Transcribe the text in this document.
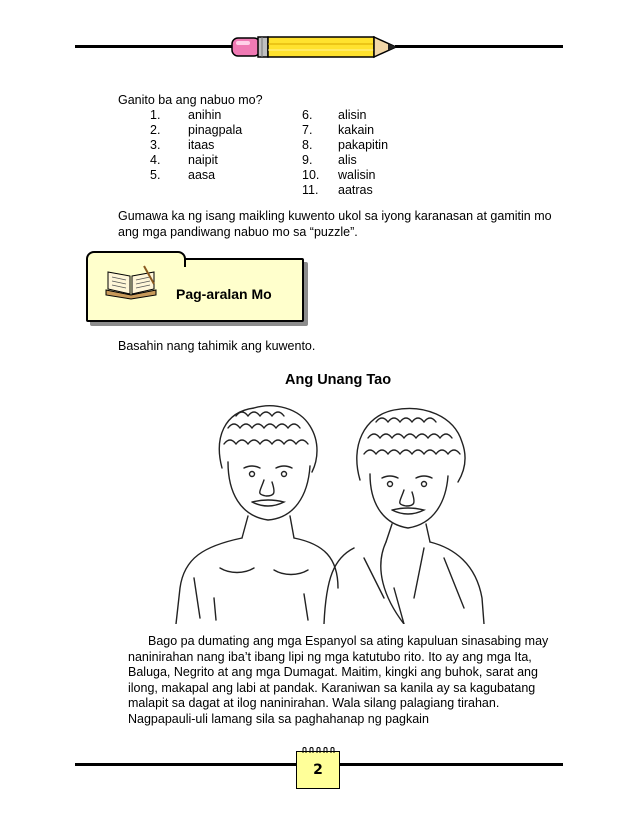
Ganito ba ang nabuo mo?
1. anihin	6. alisin
2. pinagpala	7. kakain
3. itaas	8. pakapitin
4. naipit	9. alis
5. aasa	10. walisin
11. aatras
Gumawa ka ng isang maikling kuwento ukol sa iyong karanasan at gamitin mo
ang mga pandiwang nabuo mo sa “puzzle”.
Pag-aralan Mo
Basahin nang tahimik ang kuwento.
Ang Unang Tao
Bago pa dumating ang mga Espanyol sa ating kapuluan sinasabing may
naninirahan nang iba’t ibang lipi ng mga katutubo rito. Ito ay ang mga Ita,
Baluga, Negrito at ang mga Dumagat. Maitim, kingki ang buhok, sarat ang
ilong, makapal ang labi at pandak. Karaniwan sa kanila ay sa kagubatang
malapit sa dagat at ilog naninirahan. Wala silang palagiang tirahan.
Nagpapauli-uli lamang sila sa paghahanap ng pagkain
2
